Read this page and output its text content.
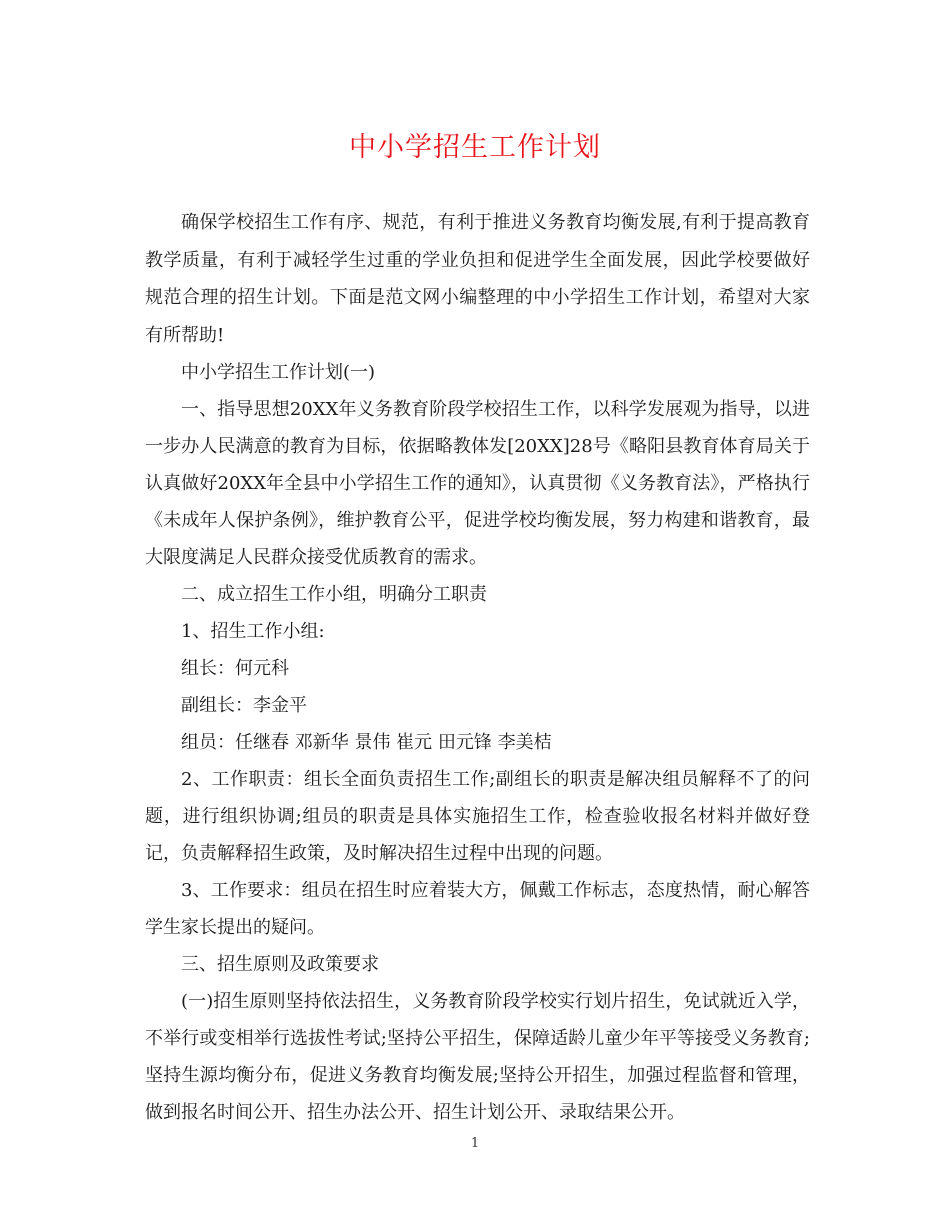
中小学招生工作计划

确保学校招生工作有序、规范，有利于推进义务教育均衡发展,有利于提高教育教学质量，有利于减轻学生过重的学业负担和促进学生全面发展，因此学校要做好规范合理的招生计划。下面是范文网小编整理的中小学招生工作计划，希望对大家有所帮助!

中小学招生工作计划(一)

一、指导思想20XX年义务教育阶段学校招生工作，以科学发展观为指导，以进一步办人民满意的教育为目标，依据略教体发[20XX]28号《略阳县教育体育局关于认真做好20XX年全县中小学招生工作的通知》，认真贯彻《义务教育法》，严格执行《未成年人保护条例》，维护教育公平，促进学校均衡发展，努力构建和谐教育，最大限度满足人民群众接受优质教育的需求。

二、成立招生工作小组，明确分工职责

1、招生工作小组:

组长：何元科

副组长：李金平

组员：任继春 邓新华 景伟 崔元 田元锋 李美桔

2、工作职责：组长全面负责招生工作;副组长的职责是解决组员解释不了的问题，进行组织协调;组员的职责是具体实施招生工作，检查验收报名材料并做好登记，负责解释招生政策，及时解决招生过程中出现的问题。

3、工作要求：组员在招生时应着装大方，佩戴工作标志，态度热情，耐心解答学生家长提出的疑问。

三、招生原则及政策要求

(一)招生原则坚持依法招生，义务教育阶段学校实行划片招生，免试就近入学，不举行或变相举行选拔性考试;坚持公平招生，保障适龄儿童少年平等接受义务教育;坚持生源均衡分布，促进义务教育均衡发展;坚持公开招生，加强过程监督和管理，做到报名时间公开、招生办法公开、招生计划公开、录取结果公开。

1
